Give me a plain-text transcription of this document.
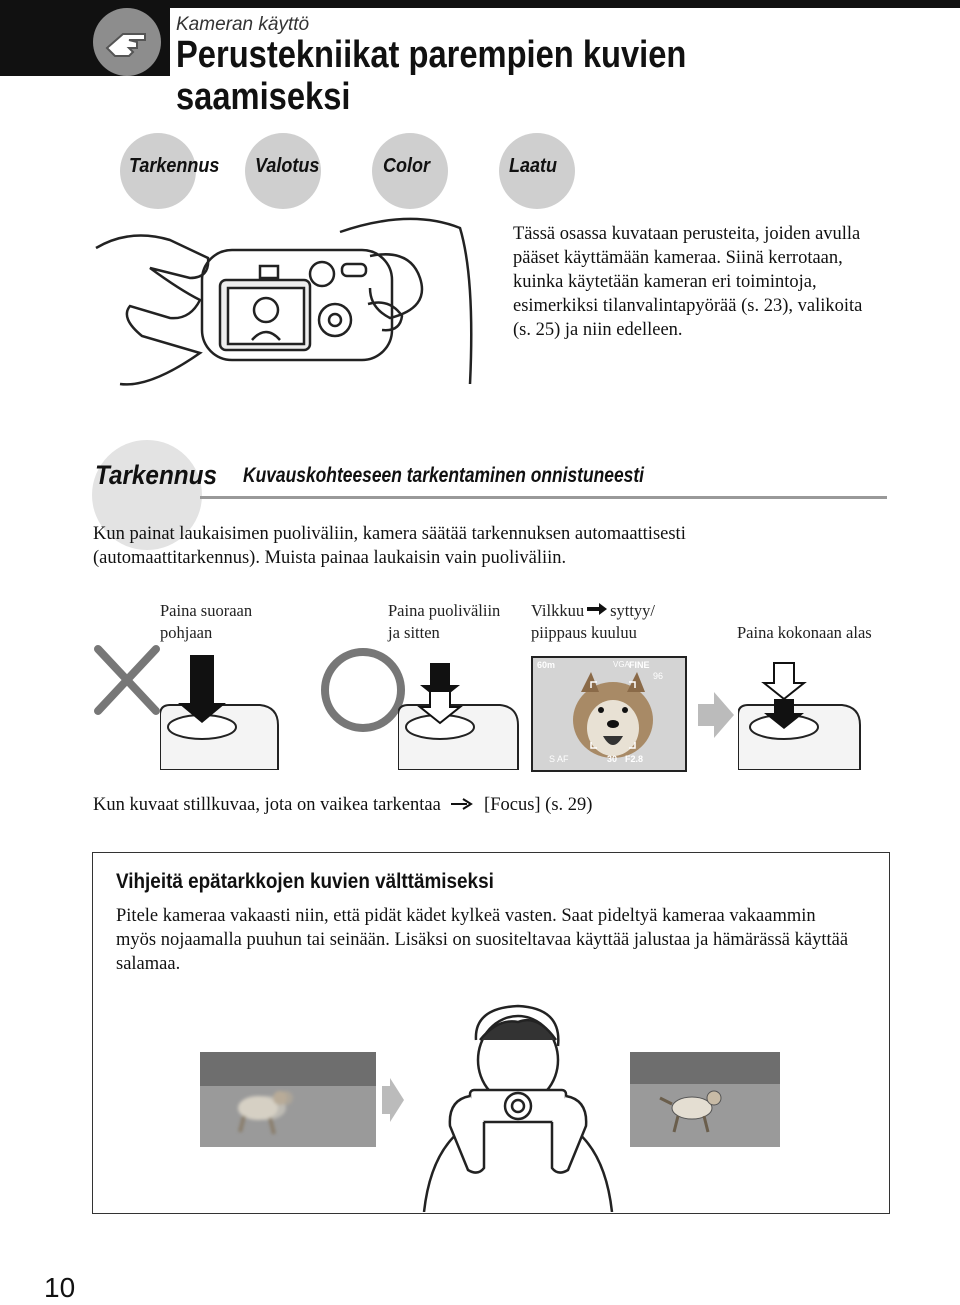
Kameran käyttö
Perustekniikat parempien kuvien saamiseksi
Tarkennus Valotus	Color	Laatu
Tässä osassa kuvataan perusteita, joiden avulla pääset käyttämään kameraa. Siinä kerrotaan, kuinka käytetään kameran eri toimintoja, esimerkiksi tilanvalintapyörää (s. 23), valikoita (s. 25) ja niin edelleen.
Tarkennus Kuvauskohteeseen tarkentaminen onnistuneesti
Kun painat laukaisimen puoliväliin, kamera säätää tarkennuksen automaattisesti (automaattitarkennus). Muista painaa laukaisin vain puoliväliin.
Paina suoraan
pohjaan
Paina puoliväliin
ja sitten
Vilkkuu syttyy/
piippaus kuuluu	Paina kokonaan alas
60m	VGA FINE
96
S AF	30 F2.8
Kun kuvaat stillkuvaa, jota on vaikea tarkentaa [Focus] (s. 29)
Vihjeitä epätarkkojen kuvien välttämiseksi
Pitele kameraa vakaasti niin, että pidät kädet kylkeä vasten. Saat pideltyä kameraa vakaammin myös nojaamalla puuhun tai seinään. Lisäksi on suositeltavaa käyttää jalustaa ja hämärässä käyttää salamaa.
10
